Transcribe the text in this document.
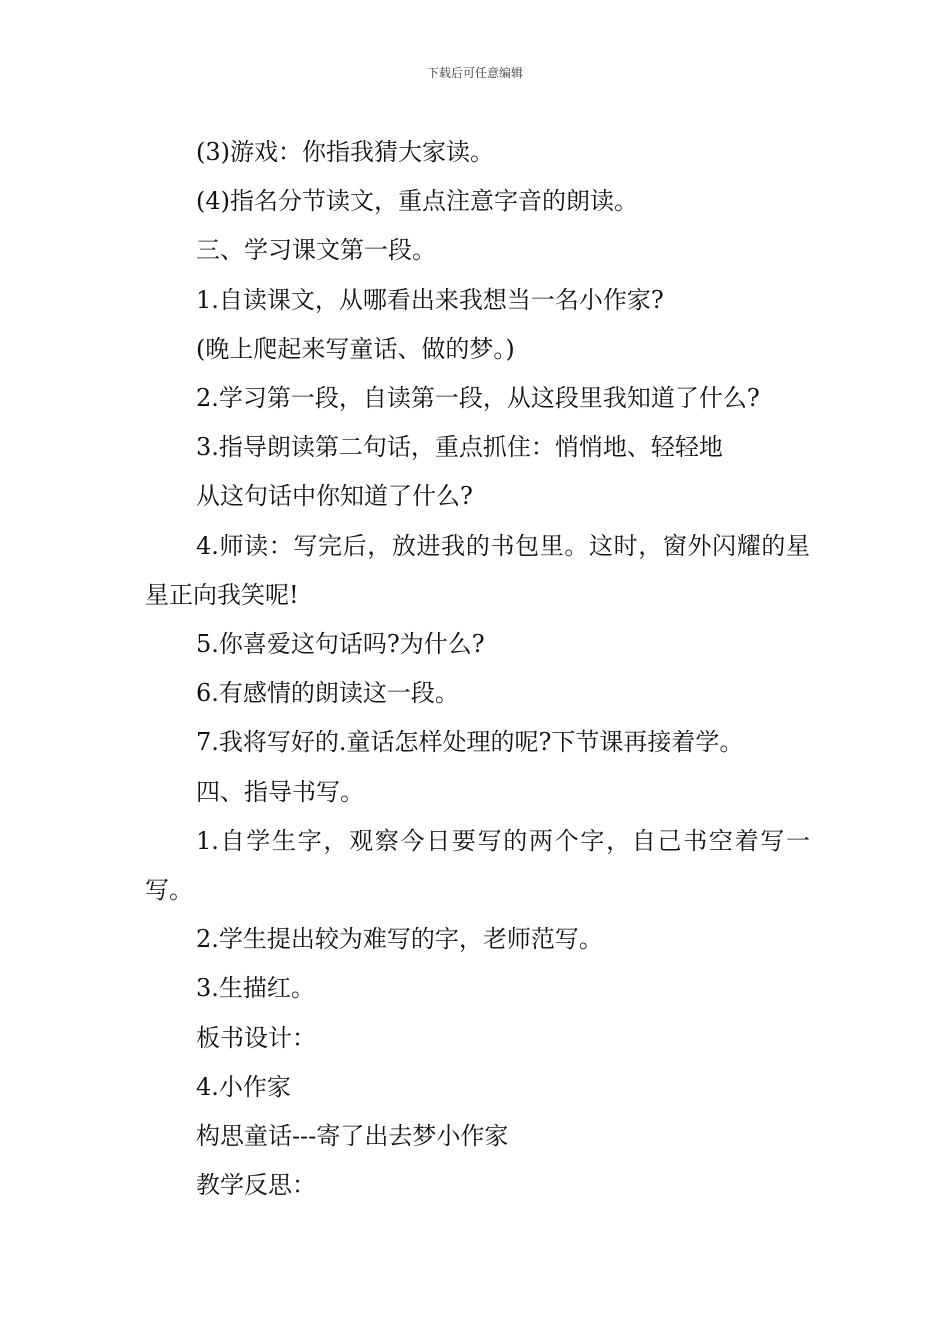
下载后可任意编辑

(3)游戏：你指我猜大家读。

(4)指名分节读文，重点注意字音的朗读。

三、学习课文第一段。

1.自读课文，从哪看出来我想当一名小作家?

(晚上爬起来写童话、做的梦。)

2.学习第一段，自读第一段，从这段里我知道了什么?

3.指导朗读第二句话，重点抓住：悄悄地、轻轻地

从这句话中你知道了什么?

4.师读：写完后，放进我的书包里。这时，窗外闪耀的星星正向我笑呢!

5.你喜爱这句话吗?为什么?

6.有感情的朗读这一段。

7.我将写好的.童话怎样处理的呢?下节课再接着学。

四、指导书写。

1.自学生字，观察今日要写的两个字，自己书空着写一写。

2.学生提出较为难写的字，老师范写。

3.生描红。

板书设计：

4.小作家

构思童话---寄了出去梦小作家

教学反思：
